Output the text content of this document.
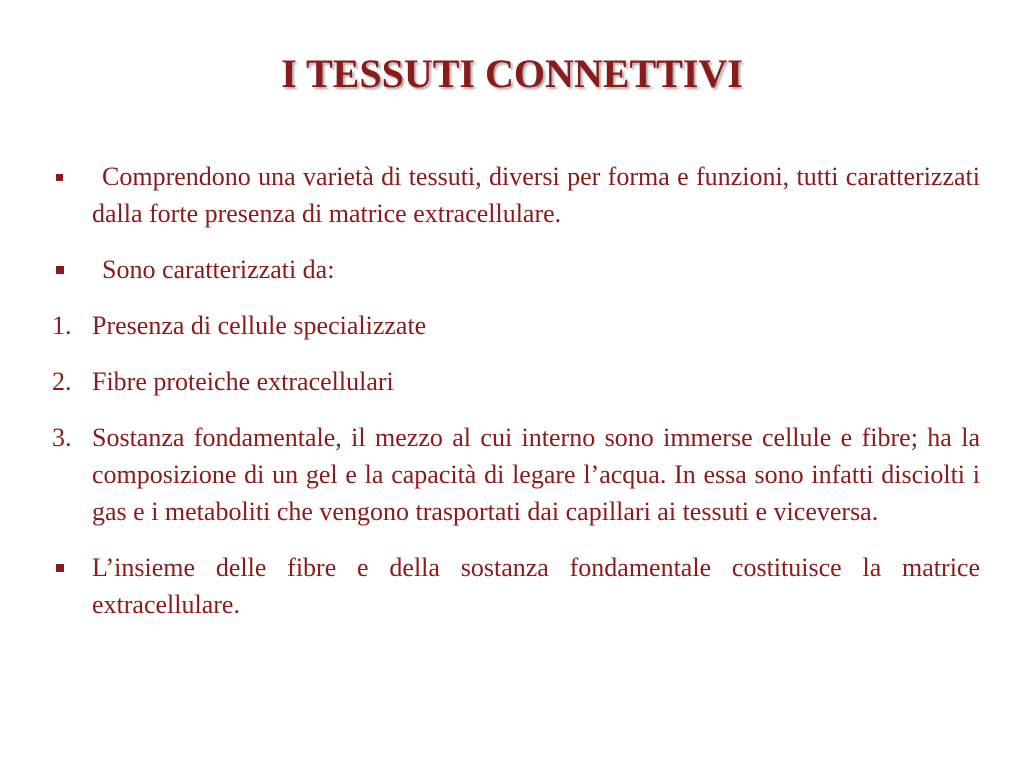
I TESSUTI CONNETTIVI
Comprendono una varietà di tessuti, diversi per forma e funzioni, tutti caratterizzati dalla forte presenza di matrice extracellulare.
Sono caratterizzati da:
1. Presenza di cellule specializzate
2. Fibre proteiche extracellulari
3. Sostanza fondamentale, il mezzo al cui interno sono immerse cellule e fibre; ha la composizione di un gel e la capacità di legare l’acqua. In essa sono infatti disciolti i gas e i metaboliti che vengono trasportati dai capillari ai tessuti e viceversa.
L’insieme delle fibre e della sostanza fondamentale costituisce la matrice extracellulare.
